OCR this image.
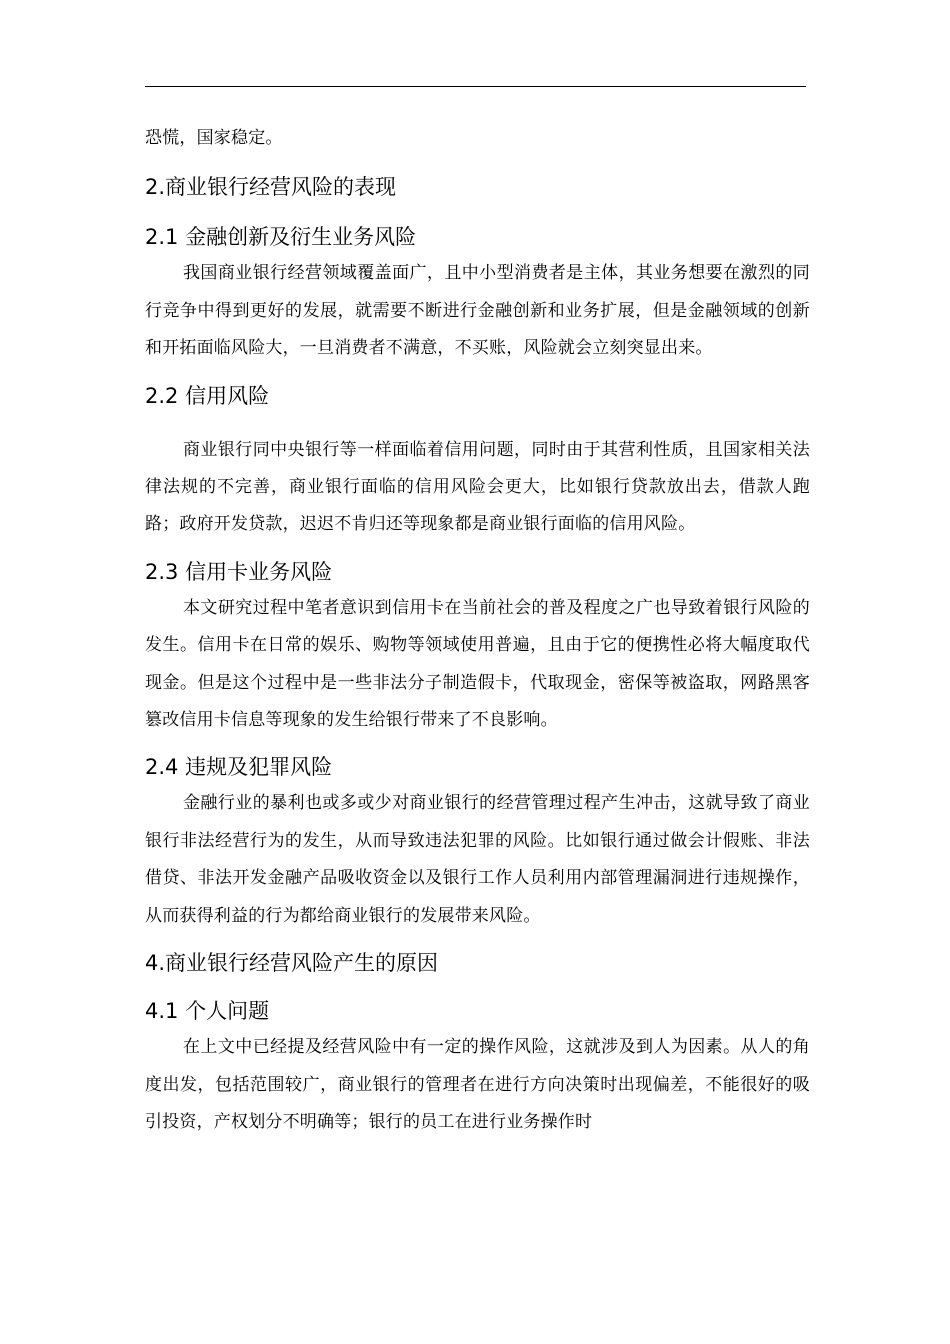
恐慌，国家稳定。

2.商业银行经营风险的表现
2.1 金融创新及衍生业务风险

我国商业银行经营领域覆盖面广，且中小型消费者是主体，其业务想要在激烈的同行竞争中得到更好的发展，就需要不断进行金融创新和业务扩展，但是金融领域的创新和开拓面临风险大，一旦消费者不满意，不买账，风险就会立刻突显出来。

2.2 信用风险

商业银行同中央银行等一样面临着信用问题，同时由于其营利性质，且国家相关法律法规的不完善，商业银行面临的信用风险会更大，比如银行贷款放出去，借款人跑路；政府开发贷款，迟迟不肯归还等现象都是商业银行面临的信用风险。

2.3 信用卡业务风险

本文研究过程中笔者意识到信用卡在当前社会的普及程度之广也导致着银行风险的发生。信用卡在日常的娱乐、购物等领域使用普遍，且由于它的便携性必将大幅度取代现金。但是这个过程中是一些非法分子制造假卡，代取现金，密保等被盗取，网路黑客篡改信用卡信息等现象的发生给银行带来了不良影响。

2.4 违规及犯罪风险

金融行业的暴利也或多或少对商业银行的经营管理过程产生冲击，这就导致了商业银行非法经营行为的发生，从而导致违法犯罪的风险。比如银行通过做会计假账、非法借贷、非法开发金融产品吸收资金以及银行工作人员利用内部管理漏洞进行违规操作，从而获得利益的行为都给商业银行的发展带来风险。

4.商业银行经营风险产生的原因
4.1 个人问题

在上文中已经提及经营风险中有一定的操作风险，这就涉及到人为因素。从人的角度出发，包括范围较广，商业银行的管理者在进行方向决策时出现偏差，不能很好的吸引投资，产权划分不明确等；银行的员工在进行业务操作时
